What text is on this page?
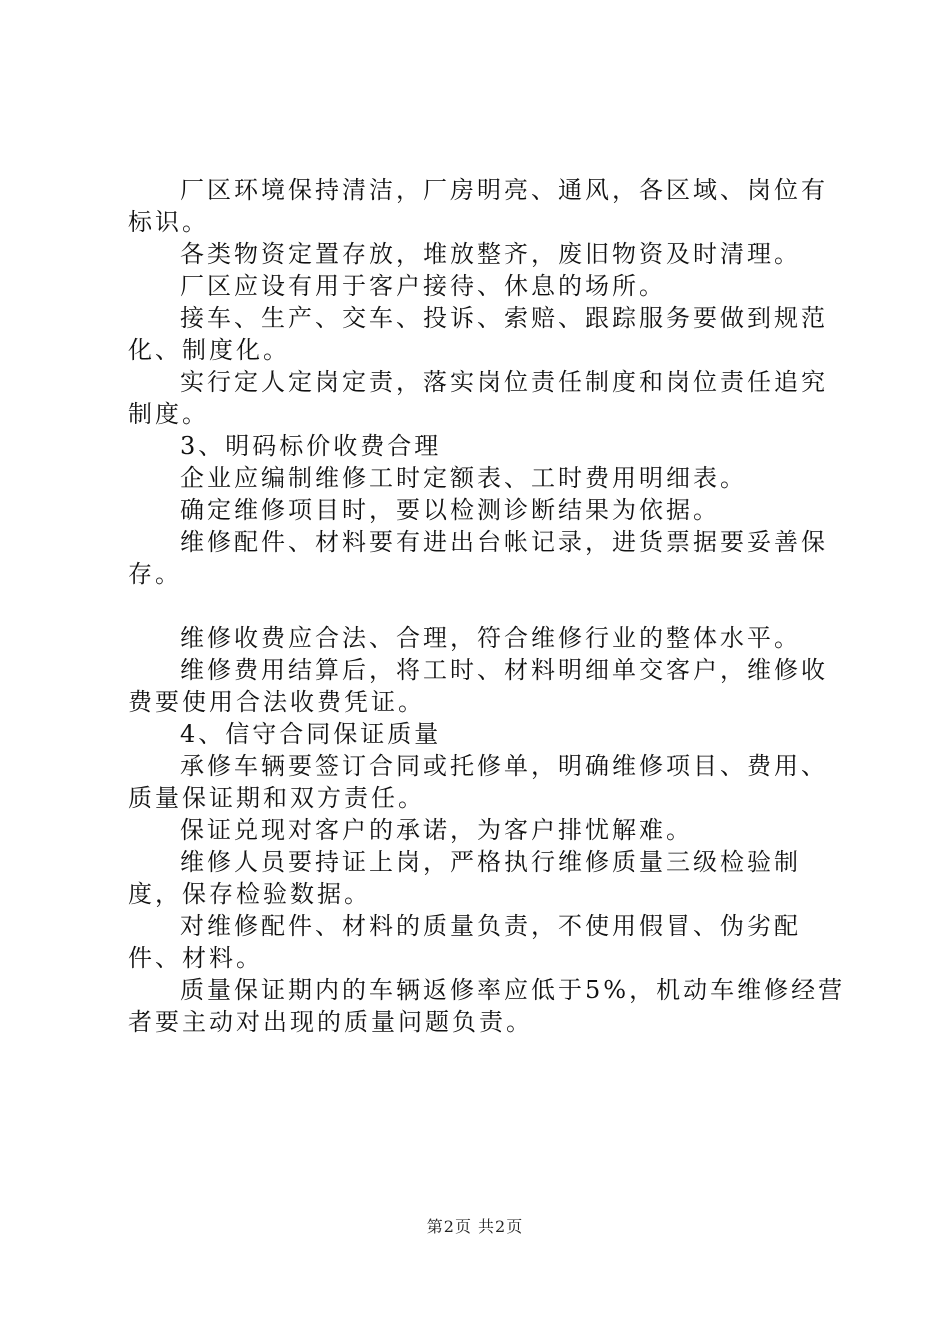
厂区环境保持清洁，厂房明亮、通风，各区域、岗位有标识。

各类物资定置存放，堆放整齐，废旧物资及时清理。

厂区应设有用于客户接待、休息的场所。

接车、生产、交车、投诉、索赔、跟踪服务要做到规范化、制度化。

实行定人定岗定责，落实岗位责任制度和岗位责任追究制度。

3、明码标价收费合理

企业应编制维修工时定额表、工时费用明细表。

确定维修项目时，要以检测诊断结果为依据。

维修配件、材料要有进出台帐记录，进货票据要妥善保存。

维修收费应合法、合理，符合维修行业的整体水平。

维修费用结算后，将工时、材料明细单交客户，维修收费要使用合法收费凭证。

4、信守合同保证质量

承修车辆要签订合同或托修单，明确维修项目、费用、质量保证期和双方责任。

保证兑现对客户的承诺，为客户排忧解难。

维修人员要持证上岗，严格执行维修质量三级检验制度，保存检验数据。

对维修配件、材料的质量负责，不使用假冒、伪劣配件、材料。

质量保证期内的车辆返修率应低于5%，机动车维修经营者要主动对出现的质量问题负责。

第2页 共2页
